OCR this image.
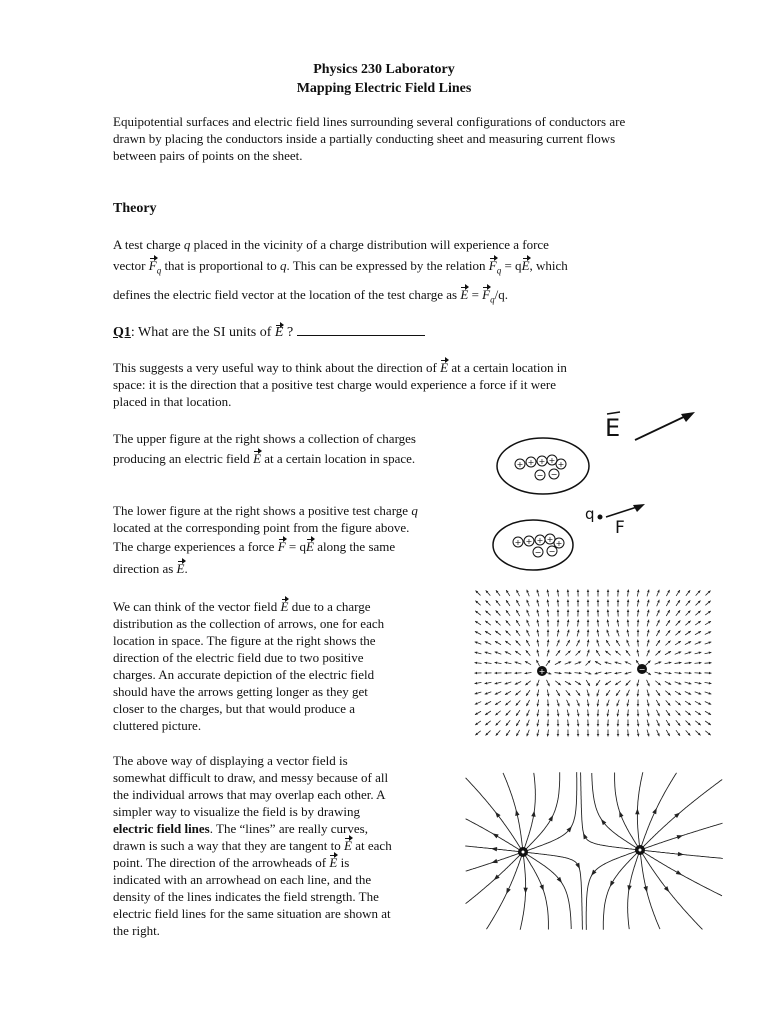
Physics 230 Laboratory
Mapping Electric Field Lines
Equipotential surfaces and electric field lines surrounding several configurations of conductors are drawn by placing the conductors inside a partially conducting sheet and measuring current flows between pairs of points on the sheet.
Theory
A test charge q placed in the vicinity of a charge distribution will experience a force
vector $F_q$ that is proportional to q. This can be expressed by the relation $F_q$ = qE, which
defines the electric field vector at the location of the test charge as $E = F_q/q$.
Q1: What are the SI units of E ?
This suggests a very useful way to think about the direction of E at a certain location in
space: it is the direction that a positive test charge would experience a force if it were
placed in that location.
The upper figure at the right shows a collection of charges
producing an electric field E at a certain location in space.
The lower figure at the right shows a positive test charge q
located at the corresponding point from the figure above.
The charge experiences a force F = qE along the same
direction as E.
We can think of the vector field E due to a charge
distribution as the collection of arrows, one for each
location in space. The figure at the right shows the
direction of the electric field due to two positive
charges. An accurate depiction of the electric field
should have the arrows getting longer as they get
closer to the charges, but that would produce a
cluttered picture.
The above way of displaying a vector field is
somewhat difficult to draw, and messy because of all
the individual arrows that may overlap each other. A
simpler way to visualize the field is by drawing
electric field lines. The “lines” are really curves,
drawn is such a way that they are tangent to E at each
point. The direction of the arrowheads of E is
indicated with an arrowhead on each line, and the
density of the lines indicates the field strength. The
electric field lines for the same situation are shown at
the right.
E
+ + + + +
− −
q
F
+ + + + +
− −
+	−
